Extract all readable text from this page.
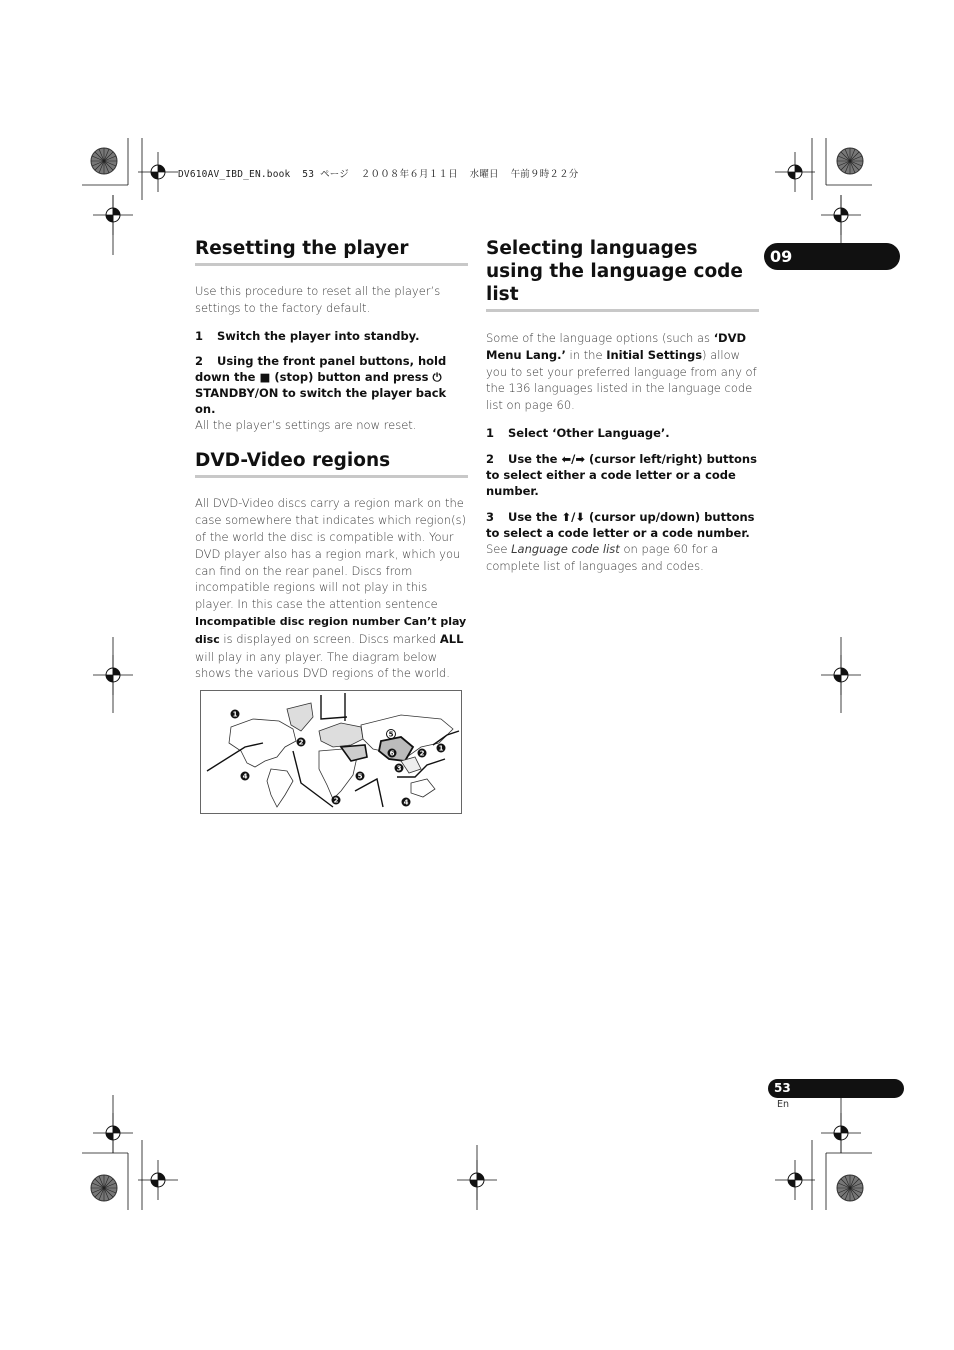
DV610AV_IBD_EN.book  53 ページ  ２００８年６月１１日  水曜日  午前９時２２分
09
Resetting the player

Use this procedure to reset all the player’s settings to the factory default.

1 Switch the player into standby.

2 Using the front panel buttons, hold down the ■ (stop) button and press ⏻ STANDBY/ON to switch the player back on.

All the player’s settings are now reset.

DVD-Video regions

All DVD-Video discs carry a region mark on the case somewhere that indicates which region(s) of the world the disc is compatible with. Your DVD player also has a region mark, which you can find on the rear panel. Discs from incompatible regions will not play in this player. In this case the attention sentence Incompatible disc region number Can’t play disc is displayed on screen. Discs marked ALL will play in any player. The diagram below shows the various DVD regions of the world.

1
2
1
4
5
6	2
3
5
2	4
Selecting languages using the language code list

Some of the language options (such as ‘DVD Menu Lang.’ in the Initial Settings) allow you to set your preferred language from any of the 136 languages listed in the language code list on page 60.

1 Select ‘Other Language’.

2 Use the ⬅/➡ (cursor left/right) buttons to select either a code letter or a code number.

3 Use the ⬆/⬇ (cursor up/down) buttons to select a code letter or a code number.

See Language code list on page 60 for a complete list of languages and codes.

53
En
